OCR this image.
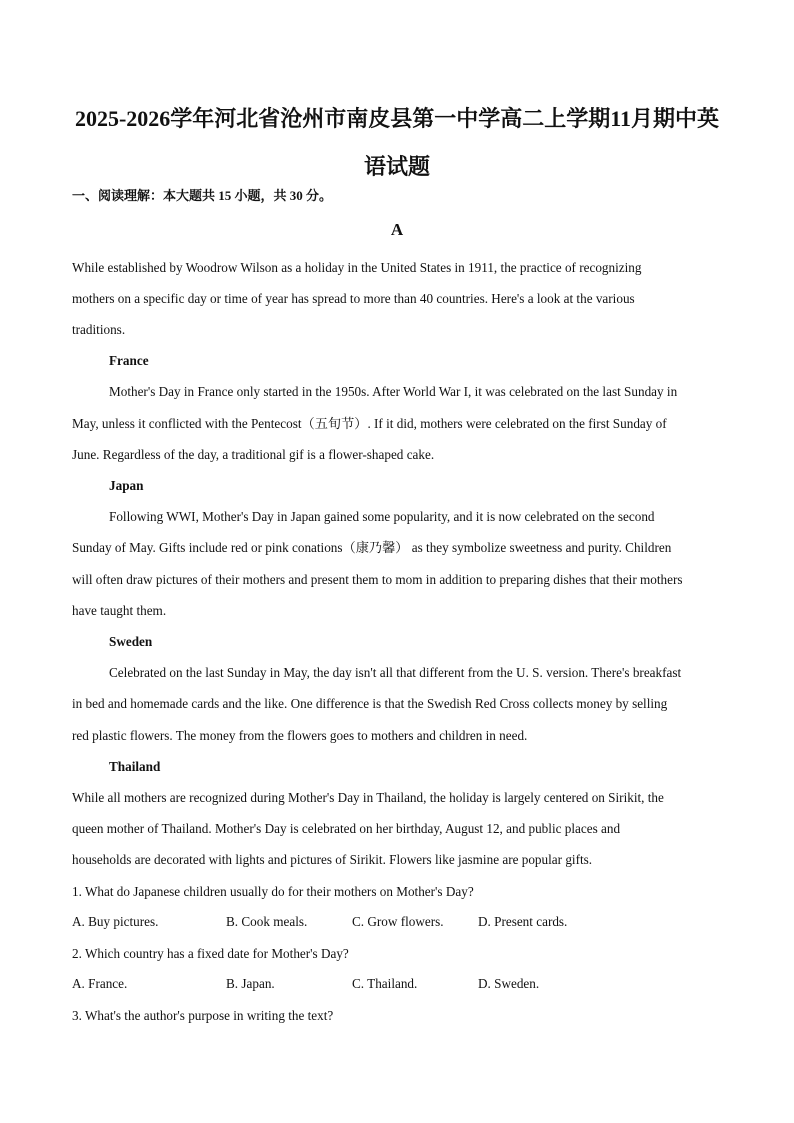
2025-2026学年河北省沧州市南皮县第一中学高二上学期11月期中英
语试题
一、阅读理解：本大题共 15 小题，共 30 分。
A
While established by Woodrow Wilson as a holiday in the United States in 1911, the practice of recognizing
mothers on a specific day or time of year has spread to more than 40 countries. Here's a look at the various
traditions.
France
Mother's Day in France only started in the 1950s. After World War I, it was celebrated on the last Sunday in
May, unless it conflicted with the Pentecost（五旬节）. If it did, mothers were celebrated on the first Sunday of
June. Regardless of the day, a traditional gif is a flower-shaped cake.
Japan
Following WWI, Mother's Day in Japan gained some popularity, and it is now celebrated on the second
Sunday of May. Gifts include red or pink conations（康乃馨） as they symbolize sweetness and purity. Children
will often draw pictures of their mothers and present them to mom in addition to preparing dishes that their mothers
have taught them.
Sweden
Celebrated on the last Sunday in May, the day isn't all that different from the U. S. version. There's breakfast
in bed and homemade cards and the like. One difference is that the Swedish Red Cross collects money by selling
red plastic flowers. The money from the flowers goes to mothers and children in need.
Thailand
While all mothers are recognized during Mother's Day in Thailand, the holiday is largely centered on Sirikit, the
queen mother of Thailand. Mother's Day is celebrated on her birthday, August 12, and public places and
households are decorated with lights and pictures of Sirikit. Flowers like jasmine are popular gifts.
1. What do Japanese children usually do for their mothers on Mother's Day?
A. Buy pictures.	B. Cook meals.	C. Grow flowers.	D. Present cards.
2. Which country has a fixed date for Mother's Day?
A. France.	B. Japan.	C. Thailand.	D. Sweden.
3. What's the author's purpose in writing the text?
